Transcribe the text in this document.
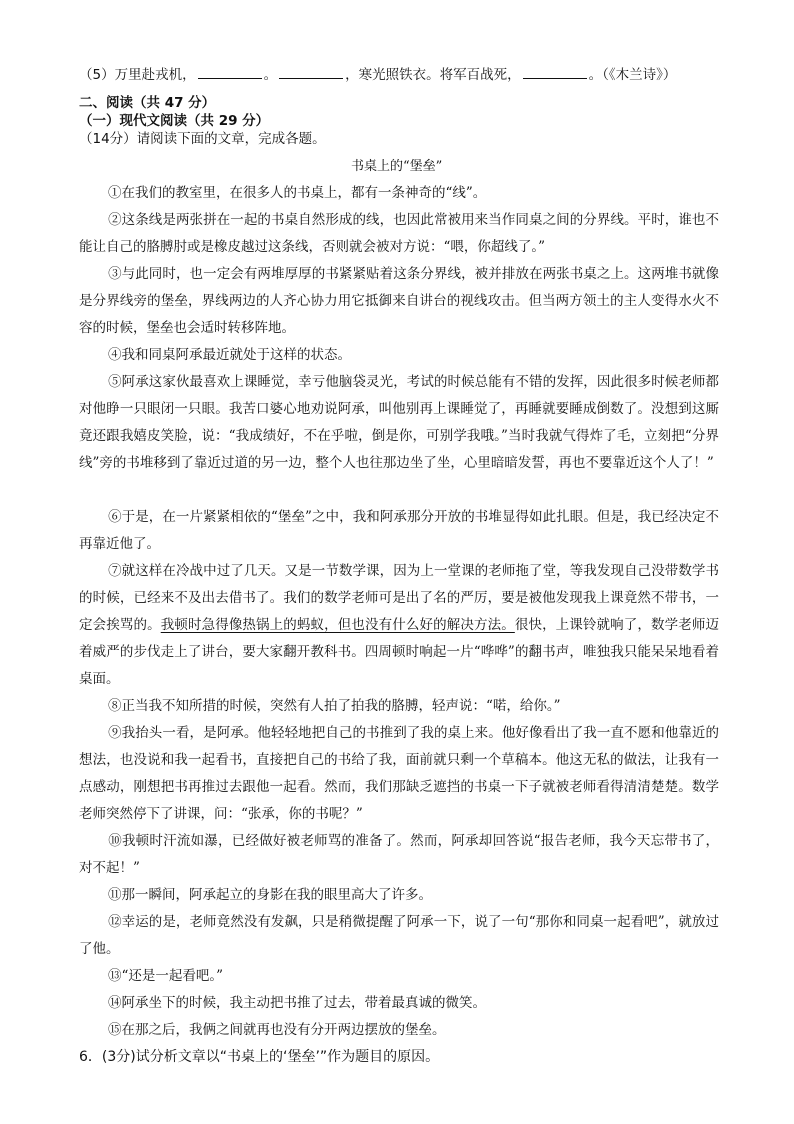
（5）万里赴戎机，	。	，寒光照铁衣。将军百战死，	。（《木兰诗》）
二、阅读（共 47 分）
（一）现代文阅读（共 29 分）
（14分）请阅读下面的文章，完成各题。
书桌上的“堡垒”
①在我们的教室里，在很多人的书桌上，都有一条神奇的“线”。
②这条线是两张拼在一起的书桌自然形成的线，也因此常被用来当作同桌之间的分界线。平时，谁也不能让自己的胳膊肘或是橡皮越过这条线，否则就会被对方说：“喂，你超线了。”
③与此同时，也一定会有两堆厚厚的书紧紧贴着这条分界线，被并排放在两张书桌之上。这两堆书就像是分界线旁的堡垒，界线两边的人齐心协力用它抵御来自讲台的视线攻击。但当两方领土的主人变得水火不容的时候，堡垒也会适时转移阵地。
④我和同桌阿承最近就处于这样的状态。
⑤阿承这家伙最喜欢上课睡觉，幸亏他脑袋灵光，考试的时候总能有不错的发挥，因此很多时候老师都对他睁一只眼闭一只眼。我苦口婆心地劝说阿承，叫他别再上课睡觉了，再睡就要睡成倒数了。没想到这厮竟还跟我嬉皮笑脸，说：“我成绩好，不在乎啦，倒是你，可别学我哦。”当时我就气得炸了毛，立刻把“分界线”旁的书堆移到了靠近过道的另一边，整个人也往那边坐了坐，心里暗暗发誓，再也不要靠近这个人了！”
⑥于是，在一片紧紧相依的“堡垒”之中，我和阿承那分开放的书堆显得如此扎眼。但是，我已经决定不再靠近他了。
⑦就这样在冷战中过了几天。又是一节数学课，因为上一堂课的老师拖了堂，等我发现自己没带数学书的时候，已经来不及出去借书了。我们的数学老师可是出了名的严厉，要是被他发现我上课竟然不带书，一定会挨骂的。我顿时急得像热锅上的蚂蚁，但也没有什么好的解决方法。很快，上课铃就响了，数学老师迈着威严的步伐走上了讲台，要大家翻开教科书。四周顿时响起一片“哗哗”的翻书声，唯独我只能呆呆地看着桌面。
⑧正当我不知所措的时候，突然有人拍了拍我的胳膊，轻声说：“喏，给你。”
⑨我抬头一看，是阿承。他轻轻地把自己的书推到了我的桌上来。他好像看出了我一直不愿和他靠近的想法，也没说和我一起看书，直接把自己的书给了我，面前就只剩一个草稿本。他这无私的做法，让我有一点感动，刚想把书再推过去跟他一起看。然而，我们那缺乏遮挡的书桌一下子就被老师看得清清楚楚。数学老师突然停下了讲课，问：“张承，你的书呢？”
⑩我顿时汗流如瀑，已经做好被老师骂的准备了。然而，阿承却回答说“报告老师，我今天忘带书了，对不起！”
⑪那一瞬间，阿承起立的身影在我的眼里高大了许多。
⑫幸运的是，老师竟然没有发飙，只是稍微提醒了阿承一下，说了一句“那你和同桌一起看吧”，就放过了他。
⑬“还是一起看吧。”
⑭阿承坐下的时候，我主动把书推了过去，带着最真诚的微笑。
⑮在那之后，我俩之间就再也没有分开两边摆放的堡垒。
6．(3分)试分析文章以“书桌上的‘堡垒’”作为题目的原因。
